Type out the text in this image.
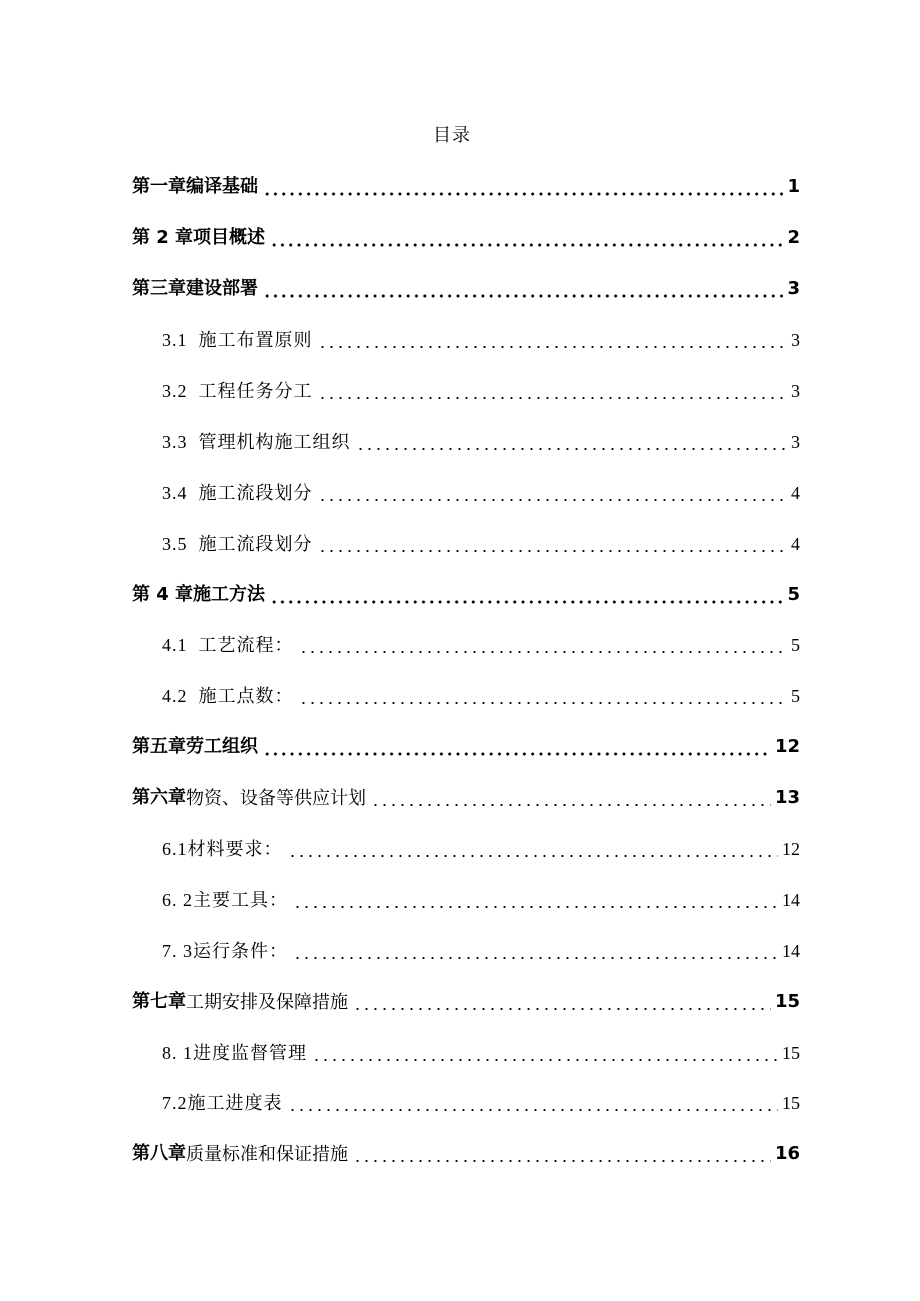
目录
第一章编译基础	1
第 2 章项目概述	2
第三章建设部署	3
3.1  施工布置原则	3
3.2  工程任务分工	3
3.3  管理机构施工组织	3
3.4  施工流段划分	4
3.5  施工流段划分	4
第 4 章施工方法	5
4.1  工艺流程：	5
4.2  施工点数：	5
第五章劳工组织	12
第六章 物资、设备等供应计划	13
6.1材料要求：	12
6. 2主要工具：	14
7. 3运行条件：	14
第七章 工期安排及保障措施	15
8. 1进度监督管理	15
7.2施工进度表	15
第八章 质量标准和保证措施	16
